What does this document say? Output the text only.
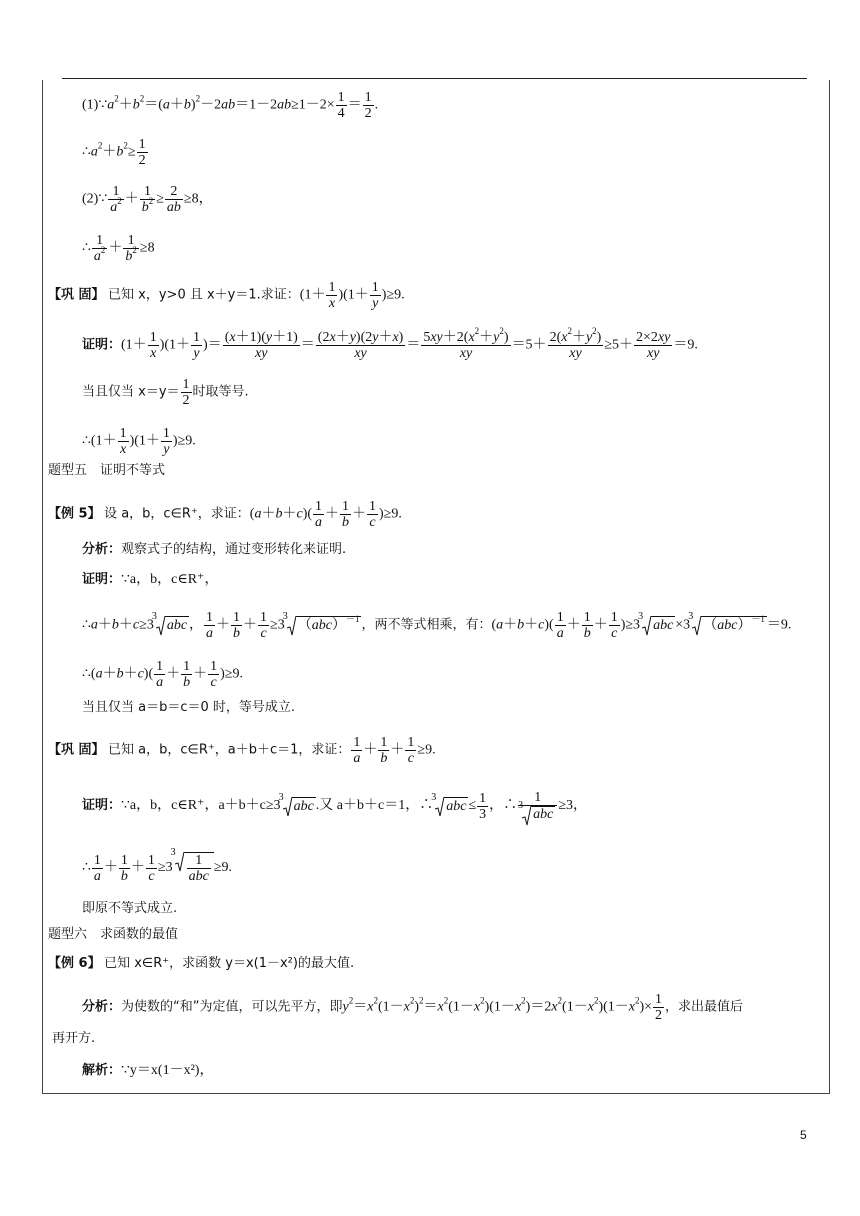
$(1)\because a^2+b^2=(a+b)^2-2ab=1-2ab\ge 1-2\times \frac{1}{4} = \frac{1}{2}$ .
$\therefore a^2+b^2\ge \frac{1}{2}$
(2)∵ $\frac{1}{a^2} + \frac{1}{b^2} \ge \frac{2}{ab} \ge 8$，
∴ $\frac{1}{a^2} + \frac{1}{b^2} \ge 8$
【巩 固】 已知 x，y>0 且 x＋y＝1.求证：$(1+ \frac{1}{x} )(1+ \frac{1}{y} )\ge 9$.
证明：$(1+ \frac{1}{x} )(1+ \frac{1}{y}$ )＝ $\frac{(x+1)(y+1)}{xy} = \frac{(2x+y)(2y+x)}{xy} = \frac{5xy+2(x^2+y^2)}{xy} =5+ \frac{2(x^2+y^2)}{xy} \ge 5+ \frac{2\times 2xy}{xy} =9$.
当且仅当 $x=y= \frac{1}{2}$ 时取等号.
∴(1＋ $\frac{1}{x} )(1+ \frac{1}{y} )\ge 9$.
题型五　证明不等式
【例 5】 设 a，b，c∈R⁺，求证：$(a+b+c)( \frac{1}{a} + \frac{1}{b} + \frac{1}{c} )\ge 9$.
分析：观察式子的结构，通过变形转化来证明.
证明：∵a，b，c∈R⁺，
∴a＋b＋c≥3
3
abc ， $\frac{1}{a} + \frac{1}{b} + \frac{1}{c} \ge 3$
3
（abc）$^{-1}$ ，两不等式相乘，有：$(a+b+c)( \frac{1}{a} + \frac{1}{b} + \frac{1}{c} )\ge 3$
3
abc ×3
3
（abc）$^{-1}$ ＝9.
∴(a＋b＋c)( $\frac{1}{a} + \frac{1}{b} + \frac{1}{c} )\ge 9$.
当且仅当 a＝b＝c＝0 时，等号成立.
【巩 固】 已知 a，b，c∈R⁺，a＋b＋c＝1，求证： $\frac{1}{a} + \frac{1}{b} + \frac{1}{c} \ge 9$.
证明：∵a，b，c∈R⁺，a＋b＋c≥3
3
abc .又 a＋b＋c＝1，∴
3
abc ≤ $\frac{1}{3}$ ，∴
1
3
abc
≥3，
∴ $\frac{1}{a} + \frac{1}{b} + \frac{1}{c} \ge 3$
3
1
abc
≥9.
即原不等式成立.
题型六　求函数的最值
【例 6】 已知 x∈R⁺，求函数 y＝x(1－x²)的最大值.
分析：为使数的“和”为定值，可以先平方，即$y^2=x^2(1-x^2)^2=x^2(1-x^2)(1-x^2)=2x^2(1-x^2)(1-x^2)\times \frac{1}{2}$ ，求出最值后
再开方.
解析：∵y＝x(1－x²)，
5
